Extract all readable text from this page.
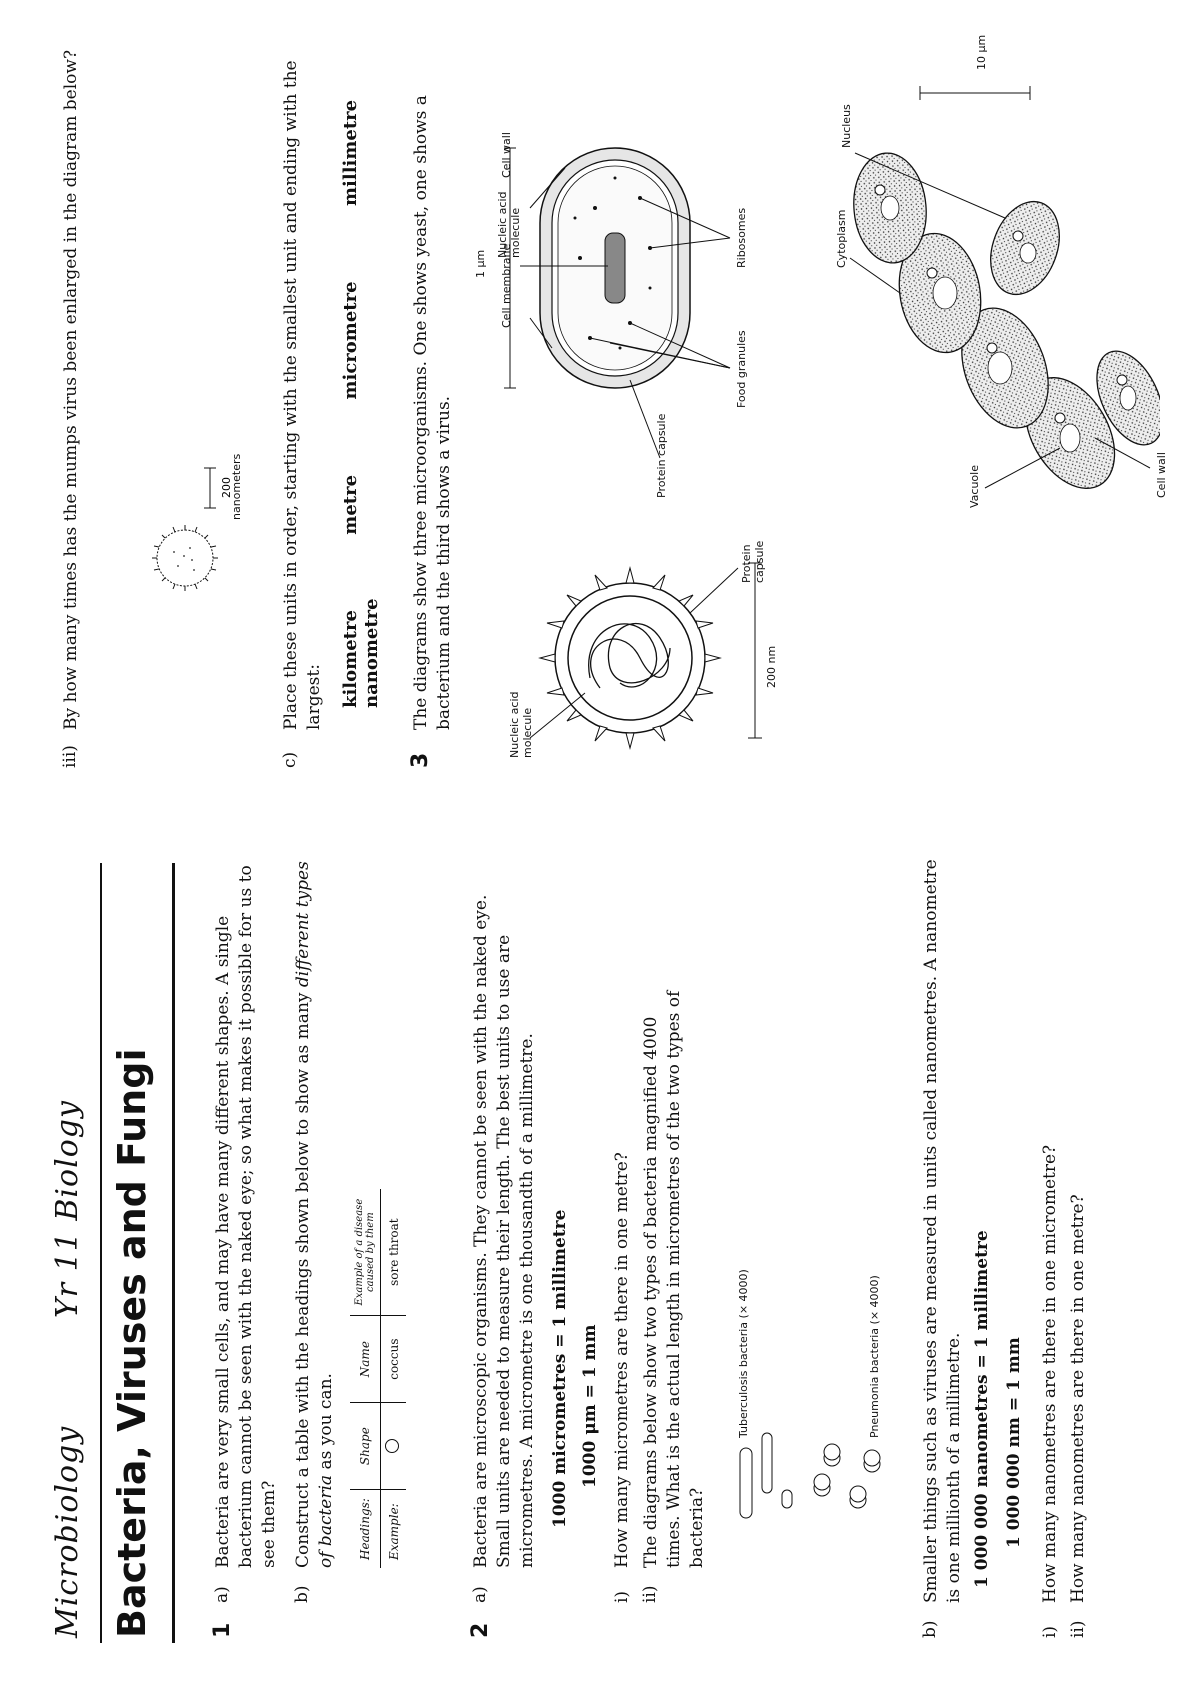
Microbiology
Yr 11 Biology Bacteria, Viruses and Fungi	1
a)

Bacteria are very small cells, and may have many different shapes. A single bacterium cannot be seen with the naked eye; so what makes it possible for us to see them?

b)

Construct a table with the headings shown below to show as many different types of bacteria as you can.

Headings:	Shape	Name	Example of a disease caused by them
Example:		coccus	sore throat
2
a)

Bacteria are microscopic organisms. They cannot be seen with the naked eye. Small units are needed to measure their length. The best units to use are micrometres. A micrometre is one thousandth of a millimetre. 1000 micrometres = 1 millimetre 1000 μm = 1 mm
i)
How many micrometres are there in one metre?
ii)

The diagrams below show two types of bacteria magnified 4000 times. What is the actual length in micrometres of the two types of bacteria?

Tuberculosis bacteria (× 4000)	Pneumonia bacteria (× 4000)
b)

Smaller things such as viruses are measured in units called nanometres. A nanometre is one millionth of a millimetre. 1 000 000 nanometres = 1 millimetre 1 000 000 nm = 1 mm
i)
How many nanometres are there in one micrometre?
ii)
How many nanometres are there in one metre?
iii)

By how many times has the mumps virus been enlarged in the diagram below?	200
nanometers
c)

Place these units in order, starting with the smallest unit and ending with the largest: kilometre metre micrometre millimetre nanometre
3

The diagrams show three microorganisms. One shows yeast, one shows a bacterium and the third shows a virus.	Nucleic acid molecule
Protein capsule
200 nm
Cell membrane
Nucleic acid molecule
Cell wall
Protein capsule
Food granules
Ribosomes
1 μm	Cytoplasm
Nucleus
Vacuole	Cell wall
10 μm
